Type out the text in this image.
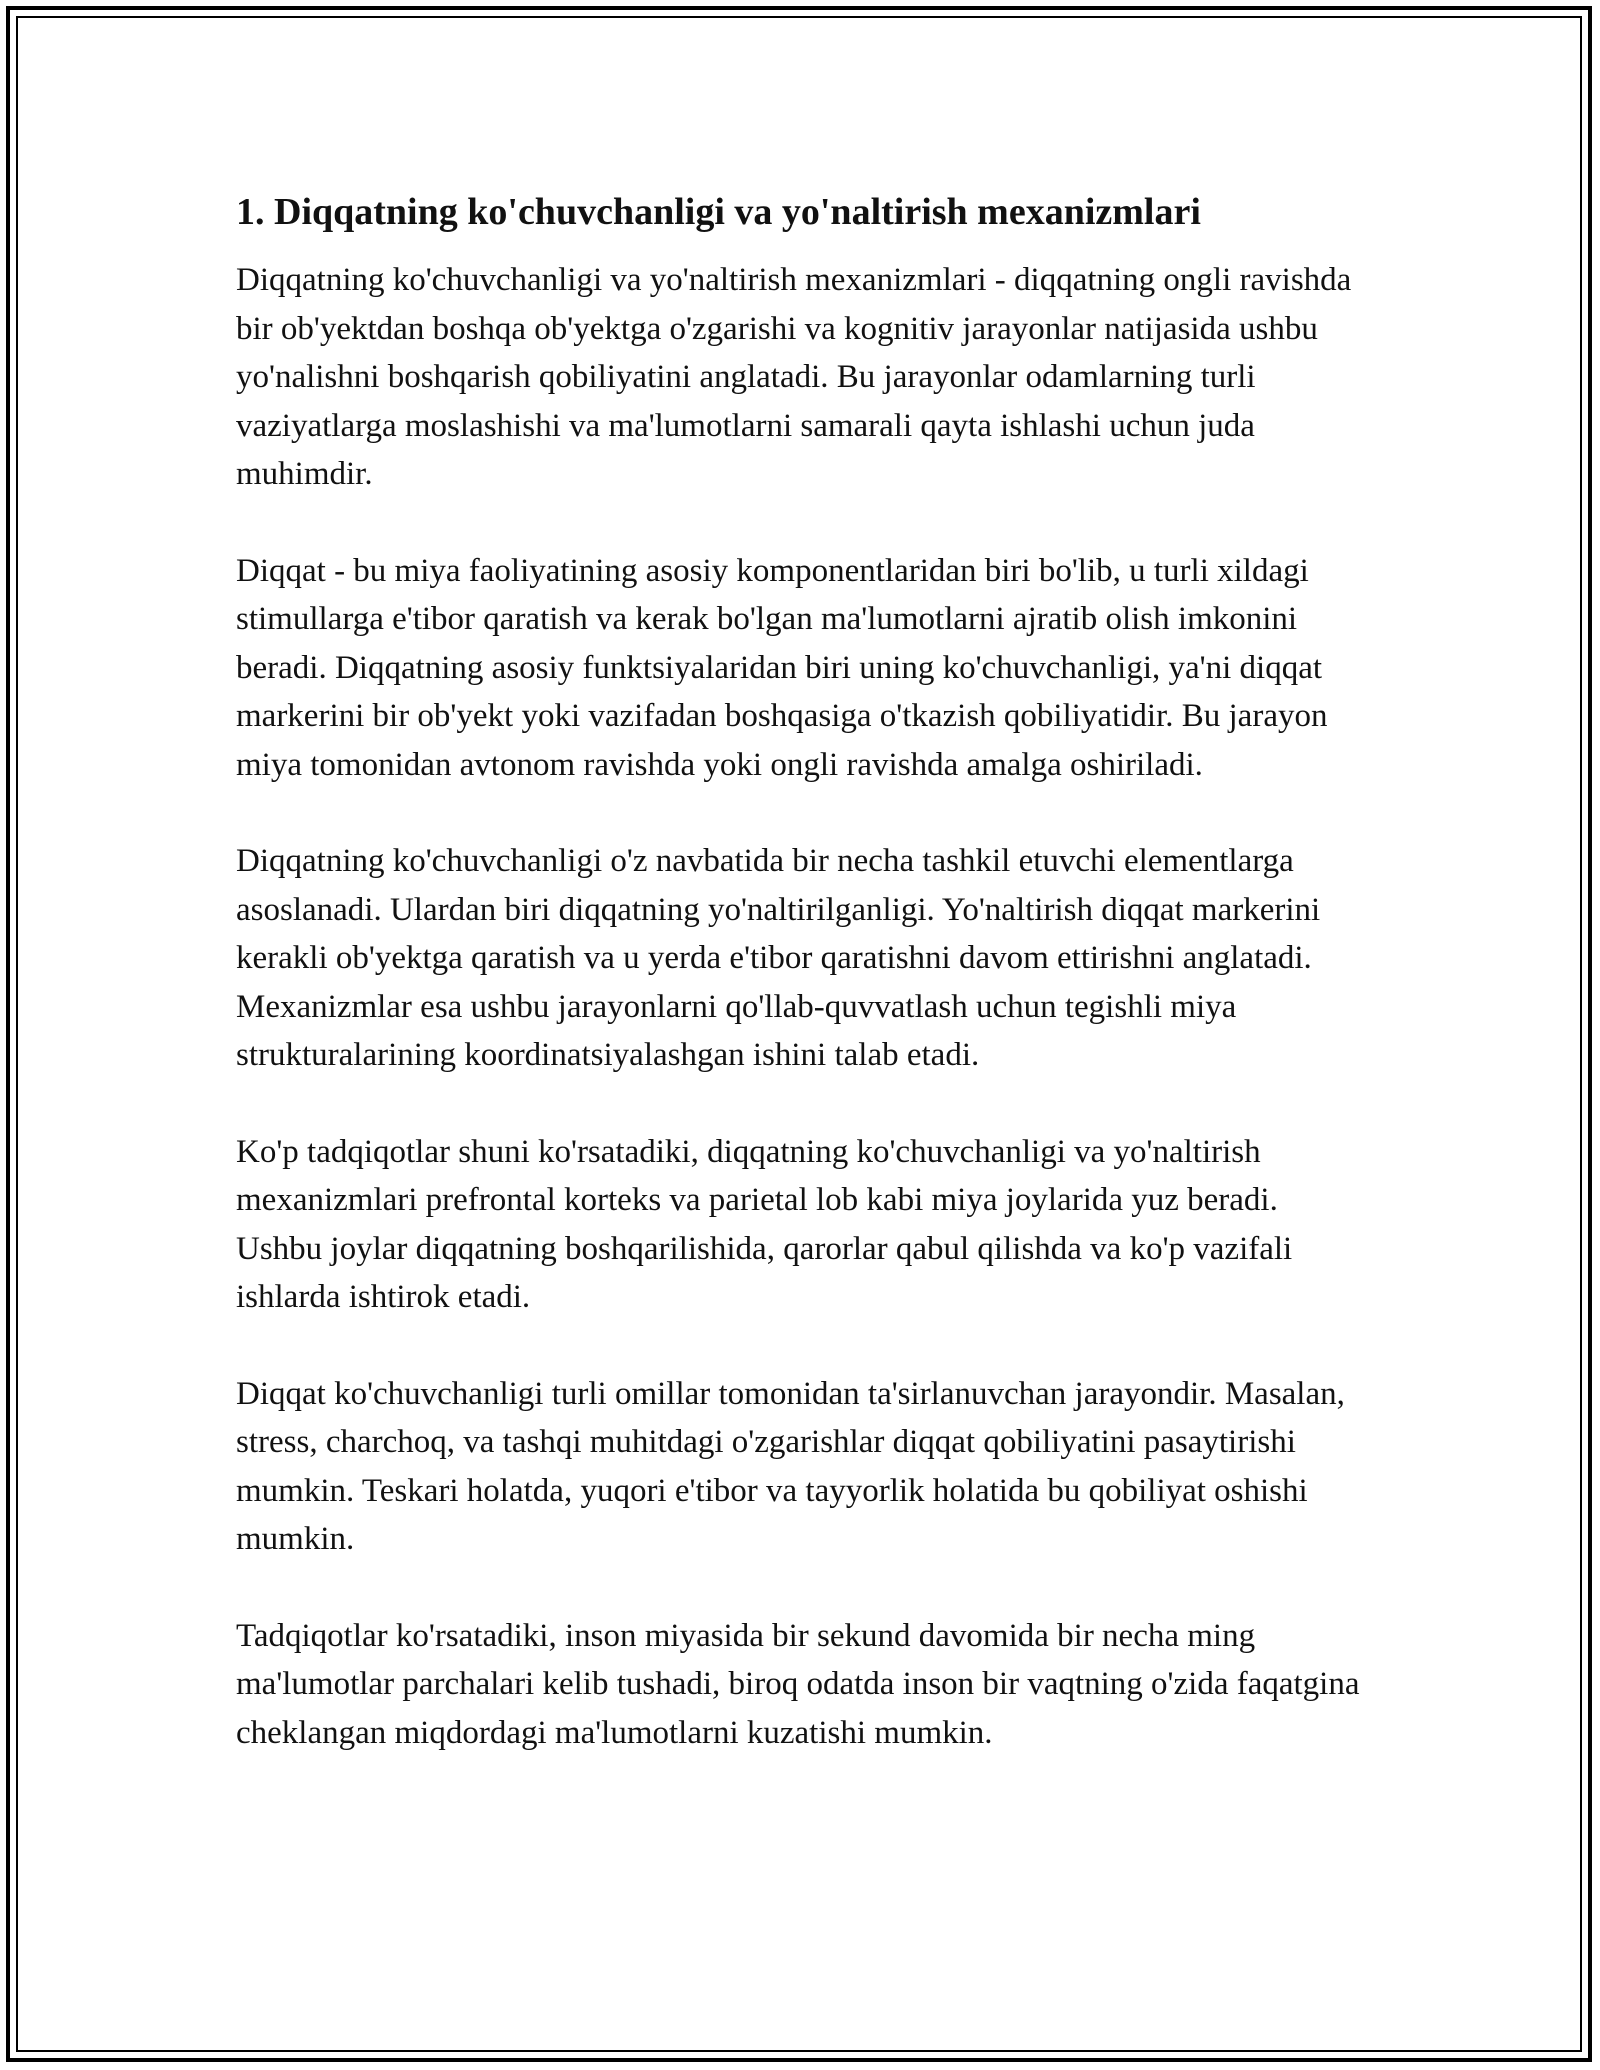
1. Diqqatning ko'chuvchanligi va yo'naltirish mexanizmlari

Diqqatning ko'chuvchanligi va yo'naltirish mexanizmlari - diqqatning ongli ravishda bir ob'yektdan boshqa ob'yektga o'zgarishi va kognitiv jarayonlar natijasida ushbu yo'nalishni boshqarish qobiliyatini anglatadi. Bu jarayonlar odamlarning turli vaziyatlarga moslashishi va ma'lumotlarni samarali qayta ishlashi uchun juda muhimdir.

Diqqat - bu miya faoliyatining asosiy komponentlaridan biri bo'lib, u turli xildagi stimullarga e'tibor qaratish va kerak bo'lgan ma'lumotlarni ajratib olish imkonini beradi. Diqqatning asosiy funktsiyalaridan biri uning ko'chuvchanligi, ya'ni diqqat markerini bir ob'yekt yoki vazifadan boshqasiga o'tkazish qobiliyatidir. Bu jarayon miya tomonidan avtonom ravishda yoki ongli ravishda amalga oshiriladi.

Diqqatning ko'chuvchanligi o'z navbatida bir necha tashkil etuvchi elementlarga asoslanadi. Ulardan biri diqqatning yo'naltirilganligi. Yo'naltirish diqqat markerini kerakli ob'yektga qaratish va u yerda e'tibor qaratishni davom ettirishni anglatadi. Mexanizmlar esa ushbu jarayonlarni qo'llab-quvvatlash uchun tegishli miya strukturalarining koordinatsiyalashgan ishini talab etadi.

Ko'p tadqiqotlar shuni ko'rsatadiki, diqqatning ko'chuvchanligi va yo'naltirish mexanizmlari prefrontal korteks va parietal lob kabi miya joylarida yuz beradi. Ushbu joylar diqqatning boshqarilishida, qarorlar qabul qilishda va ko'p vazifali ishlarda ishtirok etadi.

Diqqat ko'chuvchanligi turli omillar tomonidan ta'sirlanuvchan jarayondir. Masalan, stress, charchoq, va tashqi muhitdagi o'zgarishlar diqqat qobiliyatini pasaytirishi mumkin. Teskari holatda, yuqori e'tibor va tayyorlik holatida bu qobiliyat oshishi mumkin.

Tadqiqotlar ko'rsatadiki, inson miyasida bir sekund davomida bir necha ming ma'lumotlar parchalari kelib tushadi, biroq odatda inson bir vaqtning o'zida faqatgina cheklangan miqdordagi ma'lumotlarni kuzatishi mumkin.
